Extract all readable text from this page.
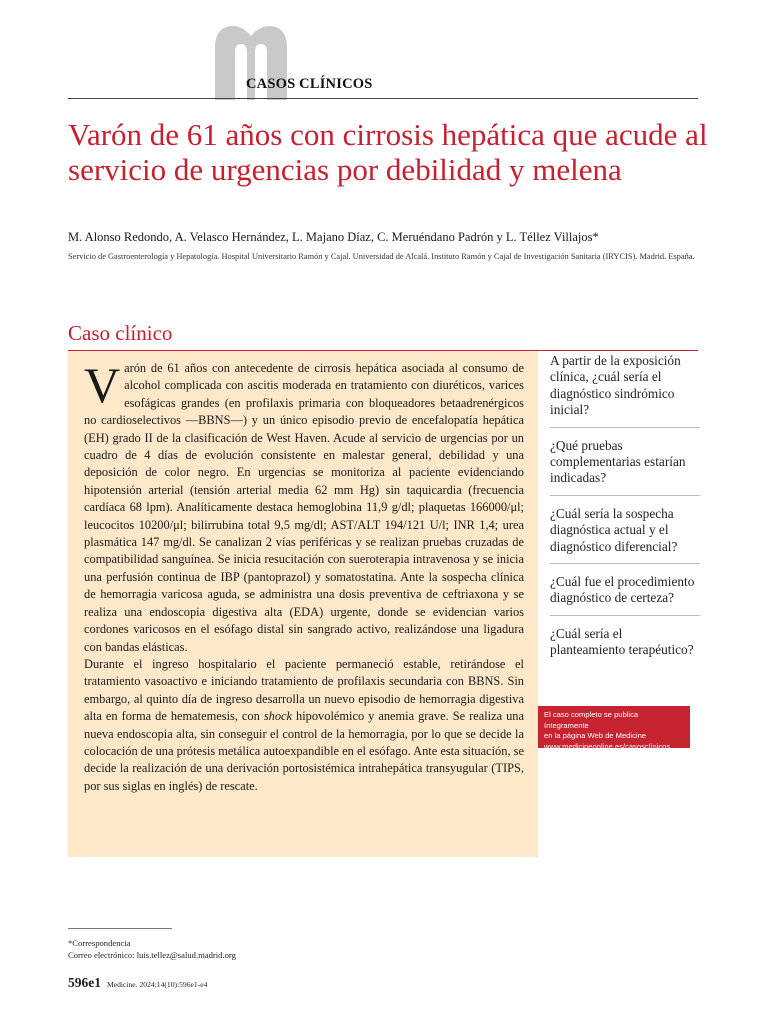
CASOS CLÍNICOS
Varón de 61 años con cirrosis hepática que acude al servicio de urgencias por debilidad y melena
M. Alonso Redondo, A. Velasco Hernández, L. Majano Díaz, C. Meruéndano Padrón y L. Téllez Villajos*
Servicio de Gastroenterología y Hepatología. Hospital Universitario Ramón y Cajal. Universidad de Alcalá. Instituto Ramón y Cajal de Investigación Sanitaria (IRYCIS). Madrid. España.
Caso clínico

Varón de 61 años con antecedente de cirrosis hepática asociada al consumo de alcohol complicada con ascitis moderada en tratamiento con diuréticos, varices esofágicas grandes (en profilaxis primaria con bloqueadores betaadrenérgicos no cardioselectivos —BBNS—) y un único episodio previo de encefalopatía hepática (EH) grado II de la clasificación de West Haven. Acude al servicio de urgencias por un cuadro de 4 días de evolución consistente en malestar general, debilidad y una deposición de color negro. En urgencias se monitoriza al paciente evidenciando hipotensión arterial (tensión arterial media 62 mm Hg) sin taquicardia (frecuencia cardíaca 68 lpm). Analíticamente destaca hemoglobina 11,9 g/dl; plaquetas 166000/μl; leucocitos 10200/μl; bilirrubina total 9,5 mg/dl; AST/ALT 194/121 U/l; INR 1,4; urea plasmática 147 mg/dl. Se canalizan 2 vías periféricas y se realizan pruebas cruzadas de compatibilidad sanguínea. Se inicia resucitación con sueroterapia intravenosa y se inicia una perfusión continua de IBP (pantoprazol) y somatostatina. Ante la sospecha clínica de hemorragia varicosa aguda, se administra una dosis preventiva de ceftriaxona y se realiza una endoscopia digestiva alta (EDA) urgente, donde se evidencian varios cordones varicosos en el esófago distal sin sangrado activo, realizándose una ligadura con bandas elásticas.

Durante el ingreso hospitalario el paciente permaneció estable, retirándose el tratamiento vasoactivo e iniciando tratamiento de profilaxis secundaria con BBNS. Sin embargo, al quinto día de ingreso desarrolla un nuevo episodio de hemorragia digestiva alta en forma de hematemesis, con shock hipovolémico y anemia grave. Se realiza una nueva endoscopia alta, sin conseguir el control de la hemorragia, por lo que se decide la colocación de una prótesis metálica autoexpandible en el esófago. Ante esta situación, se decide la realización de una derivación portosistémica intrahepática transyugular (TIPS, por sus siglas en inglés) de rescate.

A partir de la exposición clínica, ¿cuál sería el diagnóstico sindrómico inicial?
¿Qué pruebas complementarias estarían indicadas?
¿Cuál sería la sospecha diagnóstica actual y el diagnóstico diferencial?
¿Cuál fue el procedimiento diagnóstico de certeza?
¿Cuál sería el planteamiento terapéutico?
El caso completo se publica íntegramente
en la página Web de Medicine
www.medicineonline.es/casosclínicos
*Correspondencia
Correo electrónico: luis.tellez@salud.madrid.org
596e1 Medicine. 2024;14(10):596e1-e4
